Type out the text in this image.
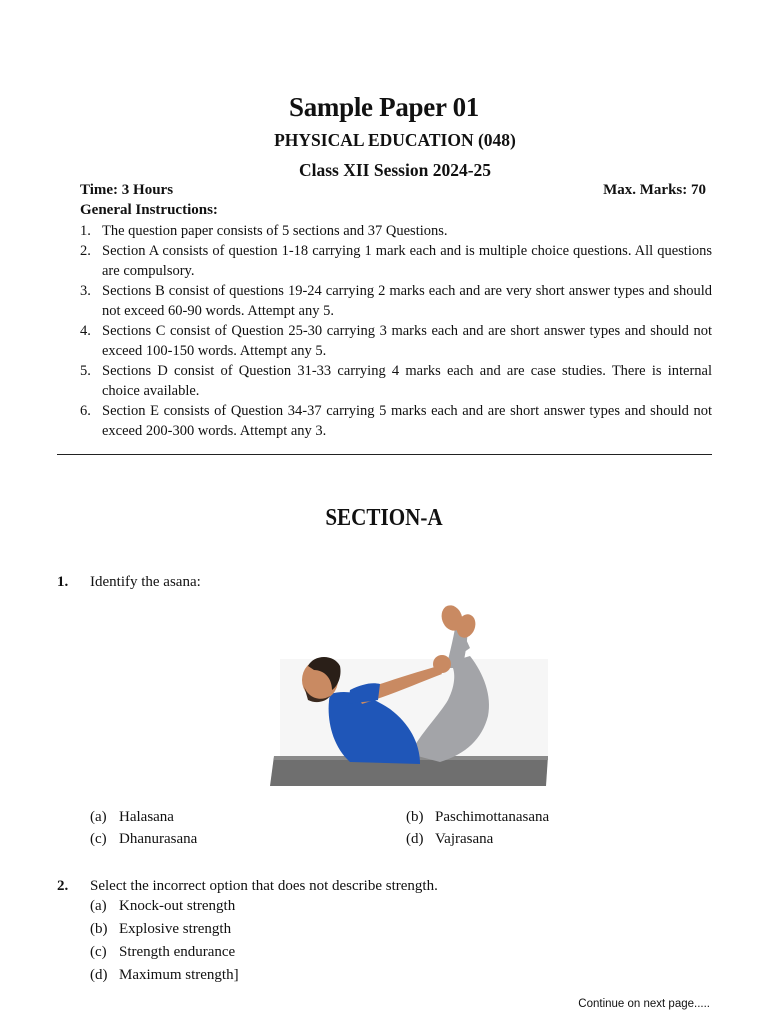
Sample Paper 01
PHYSICAL EDUCATION (048)
Class XII Session 2024-25
Time: 3 Hours	Max. Marks: 70
General Instructions:
1. The question paper consists of 5 sections and 37 Questions.
2. Section A consists of question 1-18 carrying 1 mark each and is multiple choice questions. All questions are compulsory.
3. Sections B consist of questions 19-24 carrying 2 marks each and are very short answer types and should not exceed 60-90 words. Attempt any 5.
4. Sections C consist of Question 25-30 carrying 3 marks each and are short answer types and should not exceed 100-150 words. Attempt any 5.
5. Sections D consist of Question 31-33 carrying 4 marks each and are case studies. There is internal choice available.
6. Section E consists of Question 34-37 carrying 5 marks each and are short answer types and should not exceed 200-300 words. Attempt any 3.
SECTION-A
1. Identify the asana:
(a) Halasana	(b) Paschimottanasana
(c) Dhanurasana	(d) Vajrasana
2. Select the incorrect option that does not describe strength.
(a) Knock-out strength
(b) Explosive strength
(c) Strength endurance
(d) Maximum strength]
Continue on next page.....
